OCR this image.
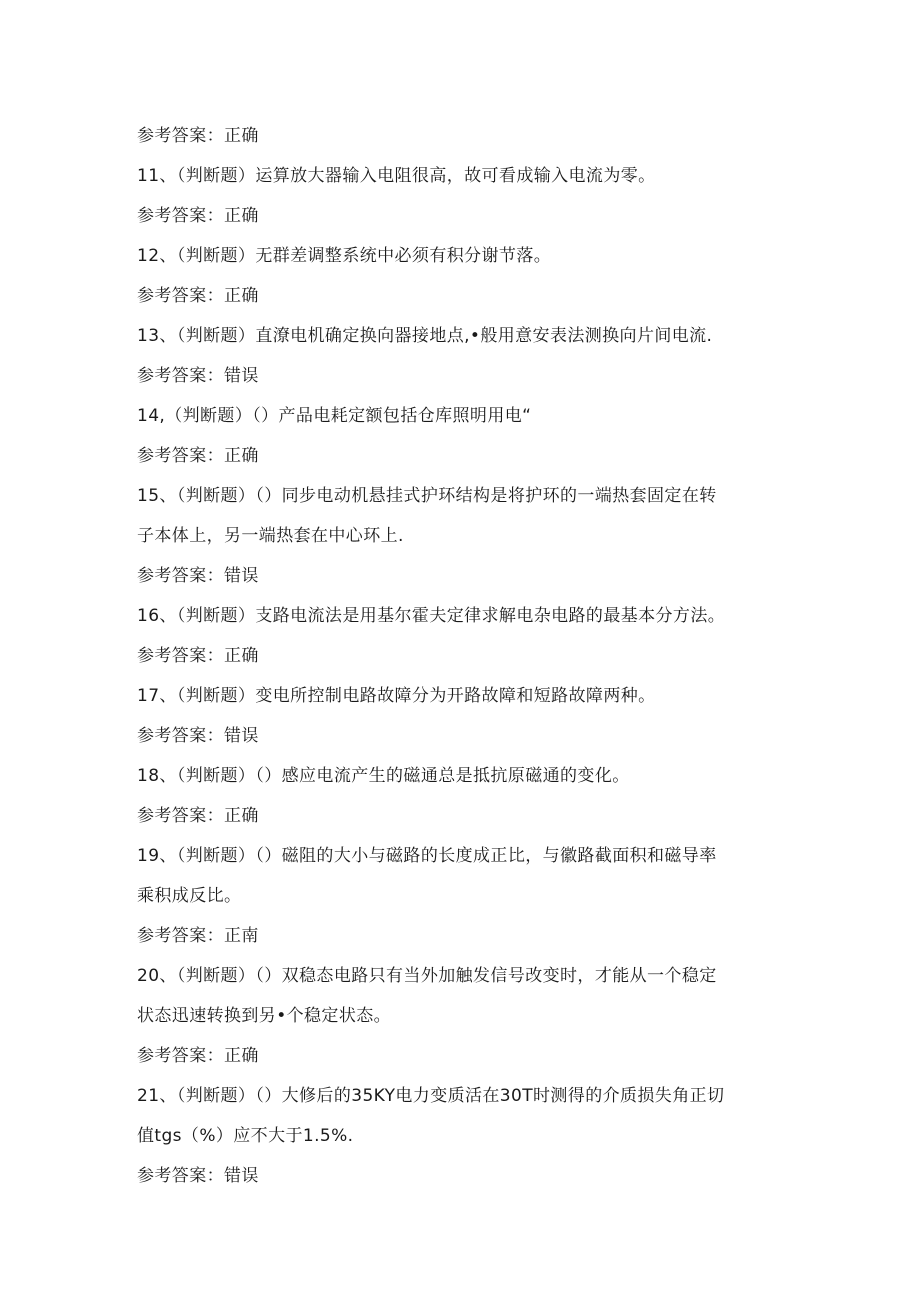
参考答案：正确
11、（判断题）运算放大器输入电阻很高，故可看成输入电流为零。
参考答案：正确
12、（判断题）无群差调整系统中必须有积分谢节落。
参考答案：正确
13、（判断题）直潦电机确定换向器接地点,•般用意安表法测换向片间电流.
参考答案：错误
14,（判断题）（）产品电耗定额包括仓库照明用电“
参考答案：正确
15、（判断题）（）同步电动机悬挂式护环结构是将护环的一端热套固定在转
子本体上，另一端热套在中心环上.
参考答案：错误
16、（判断题）支路电流法是用基尔霍夫定律求解电杂电路的最基本分方法。
参考答案：正确
17、（判断题）变电所控制电路故障分为开路故障和短路故障两种。
参考答案：错误
18、（判断题）（）感应电流产生的磁通总是抵抗原磁通的变化。
参考答案：正确
19、（判断题）（）磁阻的大小与磁路的长度成正比，与徽路截面积和磁导率
乘积成反比。
参考答案：正南
20、（判断题）（）双稳态电路只有当外加触发信号改变时，才能从一个稳定
状态迅速转换到另•个稳定状态。
参考答案：正确
21、（判断题）（）大修后的35KY电力变质活在30T时测得的介质损失角正切
值tgs（%）应不大于1.5%.
参考答案：错误
